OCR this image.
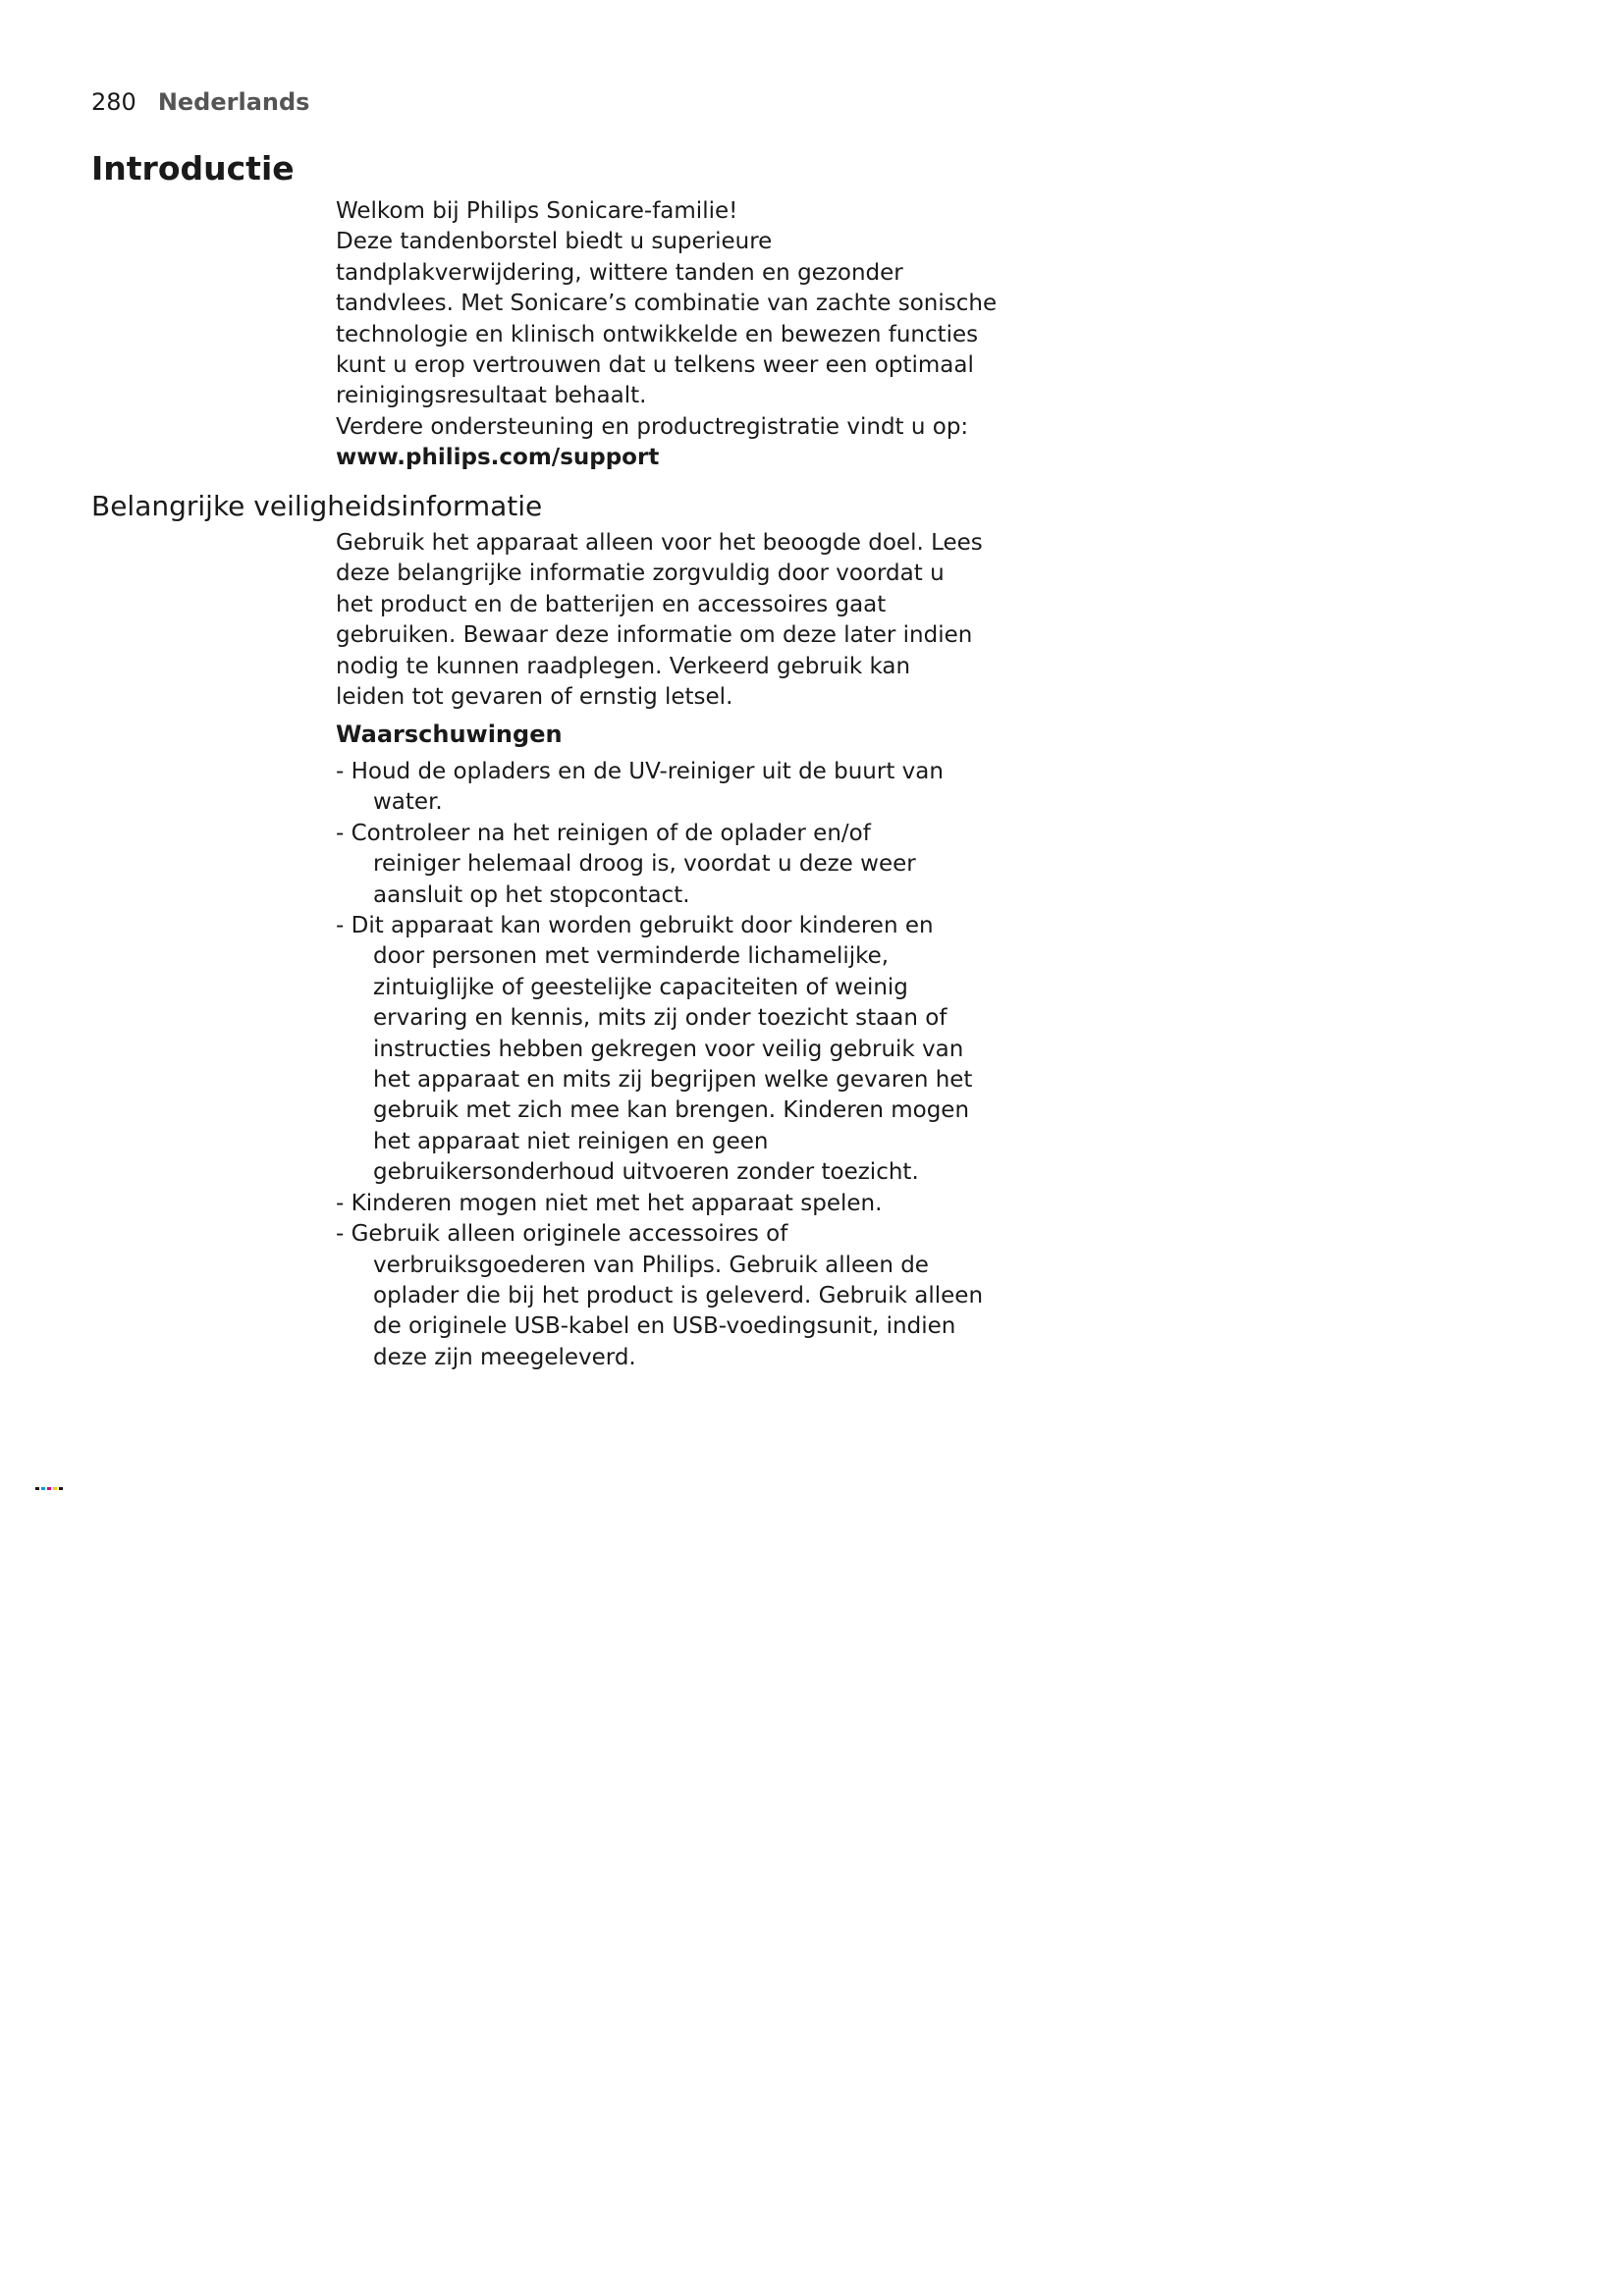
280 Nederlands
Introductie
Welkom bij Philips Sonicare-familie!
Deze tandenborstel biedt u superieure
tandplakverwijdering, wittere tanden en gezonder
tandvlees. Met Sonicare’s combinatie van zachte sonische
technologie en klinisch ontwikkelde en bewezen functies
kunt u erop vertrouwen dat u telkens weer een optimaal
reinigingsresultaat behaalt.
Verdere ondersteuning en productregistratie vindt u op:
www.philips.com/support
Belangrijke veiligheidsinformatie
Gebruik het apparaat alleen voor het beoogde doel. Lees
deze belangrijke informatie zorgvuldig door voordat u
het product en de batterijen en accessoires gaat
gebruiken. Bewaar deze informatie om deze later indien
nodig te kunnen raadplegen. Verkeerd gebruik kan
leiden tot gevaren of ernstig letsel.
Waarschuwingen
- Houd de opladers en de UV-reiniger uit de buurt van
water.
- Controleer na het reinigen of de oplader en/of
reiniger helemaal droog is, voordat u deze weer
aansluit op het stopcontact.
- Dit apparaat kan worden gebruikt door kinderen en
door personen met verminderde lichamelijke,
zintuiglijke of geestelijke capaciteiten of weinig
ervaring en kennis, mits zij onder toezicht staan of
instructies hebben gekregen voor veilig gebruik van
het apparaat en mits zij begrijpen welke gevaren het
gebruik met zich mee kan brengen. Kinderen mogen
het apparaat niet reinigen en geen
gebruikersonderhoud uitvoeren zonder toezicht.
- Kinderen mogen niet met het apparaat spelen.
- Gebruik alleen originele accessoires of
verbruiksgoederen van Philips. Gebruik alleen de
oplader die bij het product is geleverd. Gebruik alleen
de originele USB-kabel en USB-voedingsunit, indien
deze zijn meegeleverd.
